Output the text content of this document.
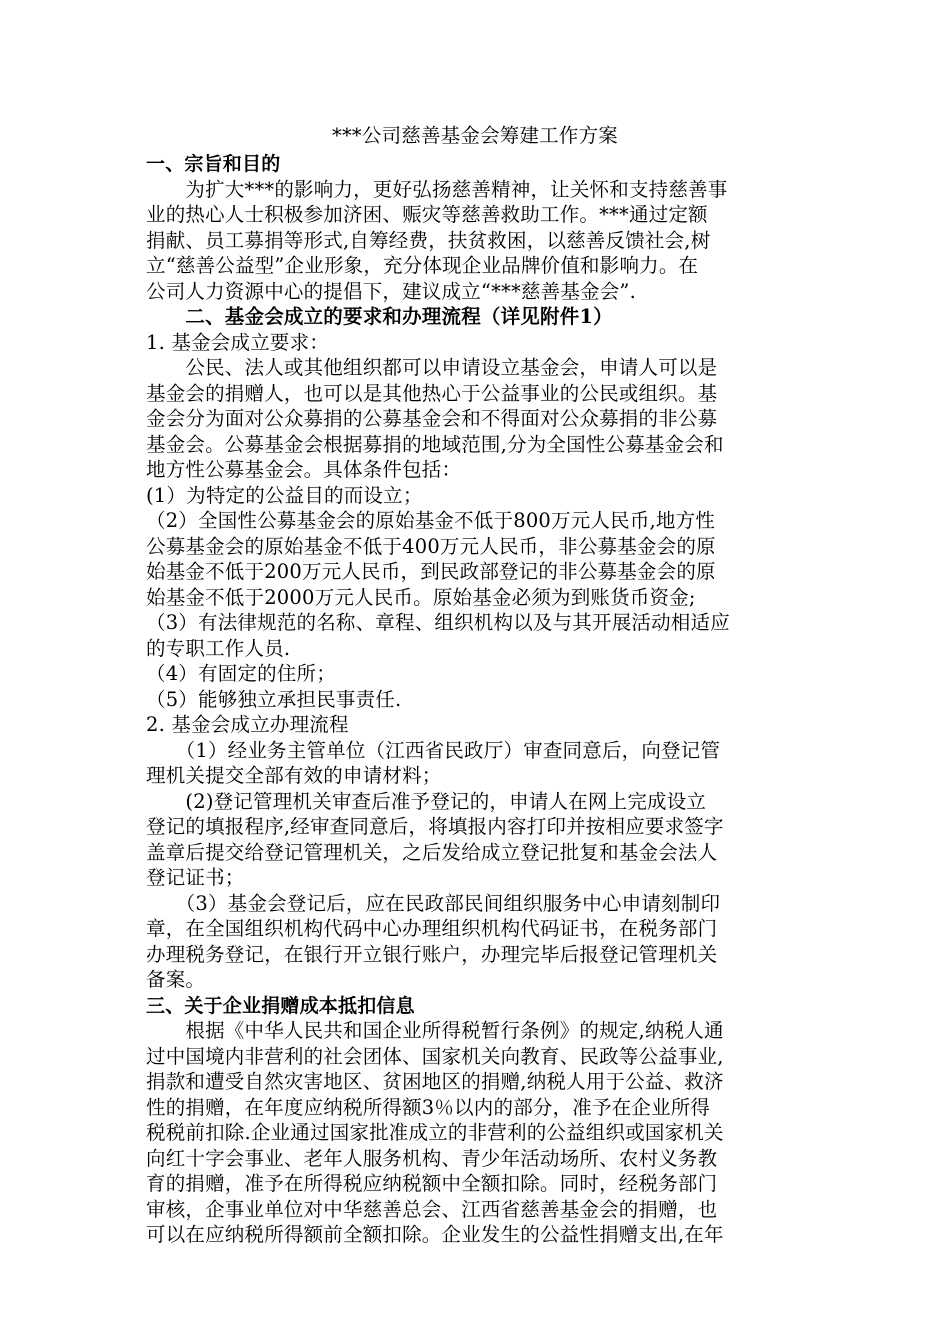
***公司慈善基金会筹建工作方案
一、宗旨和目的
　　为扩大***的影响力，更好弘扬慈善精神，让关怀和支持慈善事
业的热心人士积极参加济困、赈灾等慈善救助工作。***通过定额
捐献、员工募捐等形式,自筹经费，扶贫救困，以慈善反馈社会,树
立“慈善公益型”企业形象，充分体现企业品牌价值和影响力。在
公司人力资源中心的提倡下，建议成立“***慈善基金会”.
　　二、基金会成立的要求和办理流程（详见附件1）
1. 基金会成立要求：
　　公民、法人或其他组织都可以申请设立基金会，申请人可以是
基金会的捐赠人，也可以是其他热心于公益事业的公民或组织。基
金会分为面对公众募捐的公募基金会和不得面对公众募捐的非公募
基金会。公募基金会根据募捐的地域范围,分为全国性公募基金会和
地方性公募基金会。具体条件包括：
(1）为特定的公益目的而设立；
（2）全国性公募基金会的原始基金不低于800万元人民币,地方性
公募基金会的原始基金不低于400万元人民币，非公募基金会的原
始基金不低于200万元人民币，到民政部登记的非公募基金会的原
始基金不低于2000万元人民币。原始基金必须为到账货币资金;
（3）有法律规范的名称、章程、组织机构以及与其开展活动相适应
的专职工作人员.
（4）有固定的住所；
（5）能够独立承担民事责任.
2. 基金会成立办理流程
　　（1）经业务主管单位（江西省民政厅）审查同意后，向登记管
理机关提交全部有效的申请材料；
　　(2)登记管理机关审查后准予登记的，申请人在网上完成设立
登记的填报程序,经审查同意后，将填报内容打印并按相应要求签字
盖章后提交给登记管理机关，之后发给成立登记批复和基金会法人
登记证书；
　　（3）基金会登记后，应在民政部民间组织服务中心申请刻制印
章，在全国组织机构代码中心办理组织机构代码证书，在税务部门
办理税务登记，在银行开立银行账户，办理完毕后报登记管理机关
备案。
三、关于企业捐赠成本抵扣信息
　　根据《中华人民共和国企业所得税暂行条例》的规定,纳税人通
过中国境内非营利的社会团体、国家机关向教育、民政等公益事业,
捐款和遭受自然灾害地区、贫困地区的捐赠,纳税人用于公益、救济
性的捐赠，在年度应纳税所得额3％以内的部分，准予在企业所得
税税前扣除.企业通过国家批准成立的非营利的公益组织或国家机关
向红十字会事业、老年人服务机构、青少年活动场所、农村义务教
育的捐赠，准予在所得税应纳税额中全额扣除。同时，经税务部门
审核，企事业单位对中华慈善总会、江西省慈善基金会的捐赠，也
可以在应纳税所得额前全额扣除。企业发生的公益性捐赠支出,在年
